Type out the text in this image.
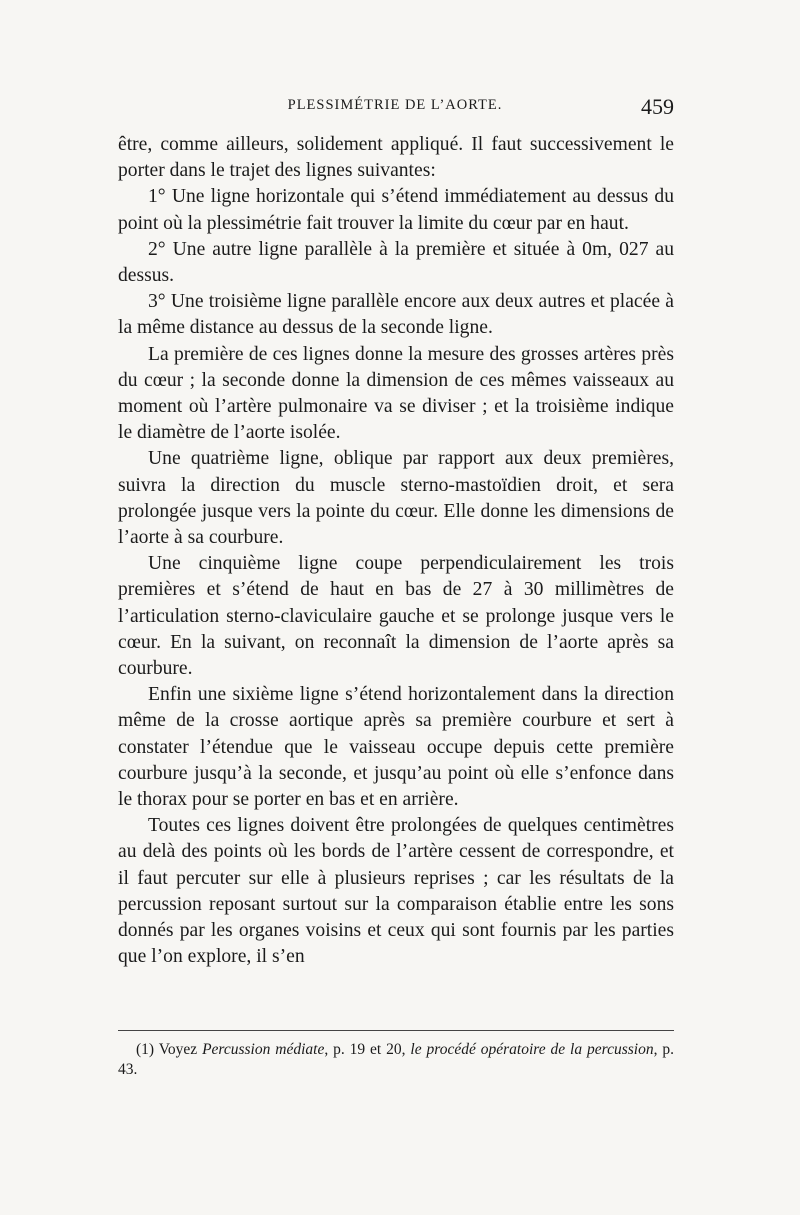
PLESSIMÉTRIE DE L’AORTE.	459

être, comme ailleurs, solidement appliqué. Il faut successivement le porter dans le trajet des lignes suivantes:

1° Une ligne horizontale qui s’étend immédiatement au dessus du point où la plessimétrie fait trouver la limite du cœur par en haut.

2° Une autre ligne parallèle à la première et située à 0m, 027 au dessus.

3° Une troisième ligne parallèle encore aux deux autres et placée à la même distance au dessus de la seconde ligne.

La première de ces lignes donne la mesure des grosses artères près du cœur ; la seconde donne la dimension de ces mêmes vaisseaux au moment où l’artère pulmonaire va se diviser ; et la troisième indique le diamètre de l’aorte isolée.

Une quatrième ligne, oblique par rapport aux deux premières, suivra la direction du muscle sterno-mastoïdien droit, et sera prolongée jusque vers la pointe du cœur. Elle donne les dimensions de l’aorte à sa courbure.

Une cinquième ligne coupe perpendiculairement les trois premières et s’étend de haut en bas de 27 à 30 millimètres de l’articulation sterno-claviculaire gauche et se prolonge jusque vers le cœur. En la suivant, on reconnaît la dimension de l’aorte après sa courbure.

Enfin une sixième ligne s’étend horizontalement dans la direction même de la crosse aortique après sa première courbure et sert à constater l’étendue que le vaisseau occupe depuis cette première courbure jusqu’à la seconde, et jusqu’au point où elle s’enfonce dans le thorax pour se porter en bas et en arrière.

Toutes ces lignes doivent être prolongées de quelques centimètres au delà des points où les bords de l’artère cessent de correspondre, et il faut percuter sur elle à plusieurs reprises ; car les résultats de la percussion reposant surtout sur la comparaison établie entre les sons donnés par les organes voisins et ceux qui sont fournis par les parties que l’on explore, il s’en

(1) Voyez Percussion médiate, p. 19 et 20, le procédé opératoire de la percussion, p. 43.
